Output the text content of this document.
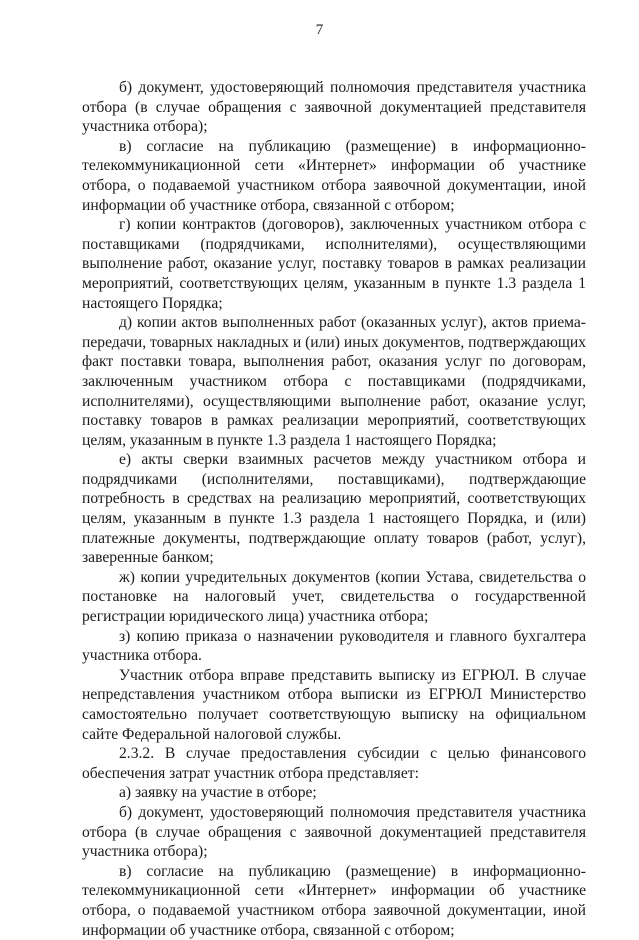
7

б) документ, удостоверяющий полномочия представителя участника отбора (в случае обращения с заявочной документацией представителя участника отбора);

в) согласие на публикацию (размещение) в информационно-телекоммуникационной сети «Интернет» информации об участнике отбора, о подаваемой участником отбора заявочной документации, иной информации об участнике отбора, связанной с отбором;

г) копии контрактов (договоров), заключенных участником отбора с поставщиками (подрядчиками, исполнителями), осуществляющими выполнение работ, оказание услуг, поставку товаров в рамках реализации мероприятий, соответствующих целям, указанным в пункте 1.3 раздела 1 настоящего Порядка;

д) копии актов выполненных работ (оказанных услуг), актов приема-передачи, товарных накладных и (или) иных документов, подтверждающих факт поставки товара, выполнения работ, оказания услуг по договорам, заключенным участником отбора с поставщиками (подрядчиками, исполнителями), осуществляющими выполнение работ, оказание услуг, поставку товаров в рамках реализации мероприятий, соответствующих целям, указанным в пункте 1.3 раздела 1 настоящего Порядка;

е) акты сверки взаимных расчетов между участником отбора и подрядчиками (исполнителями, поставщиками), подтверждающие потребность в средствах на реализацию мероприятий, соответствующих целям, указанным в пункте 1.3 раздела 1 настоящего Порядка, и (или) платежные документы, подтверждающие оплату товаров (работ, услуг), заверенные банком;

ж) копии учредительных документов (копии Устава, свидетельства о постановке на налоговый учет, свидетельства о государственной регистрации юридического лица) участника отбора;

з) копию приказа о назначении руководителя и главного бухгалтера участника отбора.

Участник отбора вправе представить выписку из ЕГРЮЛ. В случае непредставления участником отбора выписки из ЕГРЮЛ Министерство самостоятельно получает соответствующую выписку на официальном сайте Федеральной налоговой службы.

2.3.2. В случае предоставления субсидии с целью финансового обеспечения затрат участник отбора представляет:

а) заявку на участие в отборе;

б) документ, удостоверяющий полномочия представителя участника отбора (в случае обращения с заявочной документацией представителя участника отбора);

в) согласие на публикацию (размещение) в информационно-телекоммуникационной сети «Интернет» информации об участнике отбора, о подаваемой участником отбора заявочной документации, иной информации об участнике отбора, связанной с отбором;
